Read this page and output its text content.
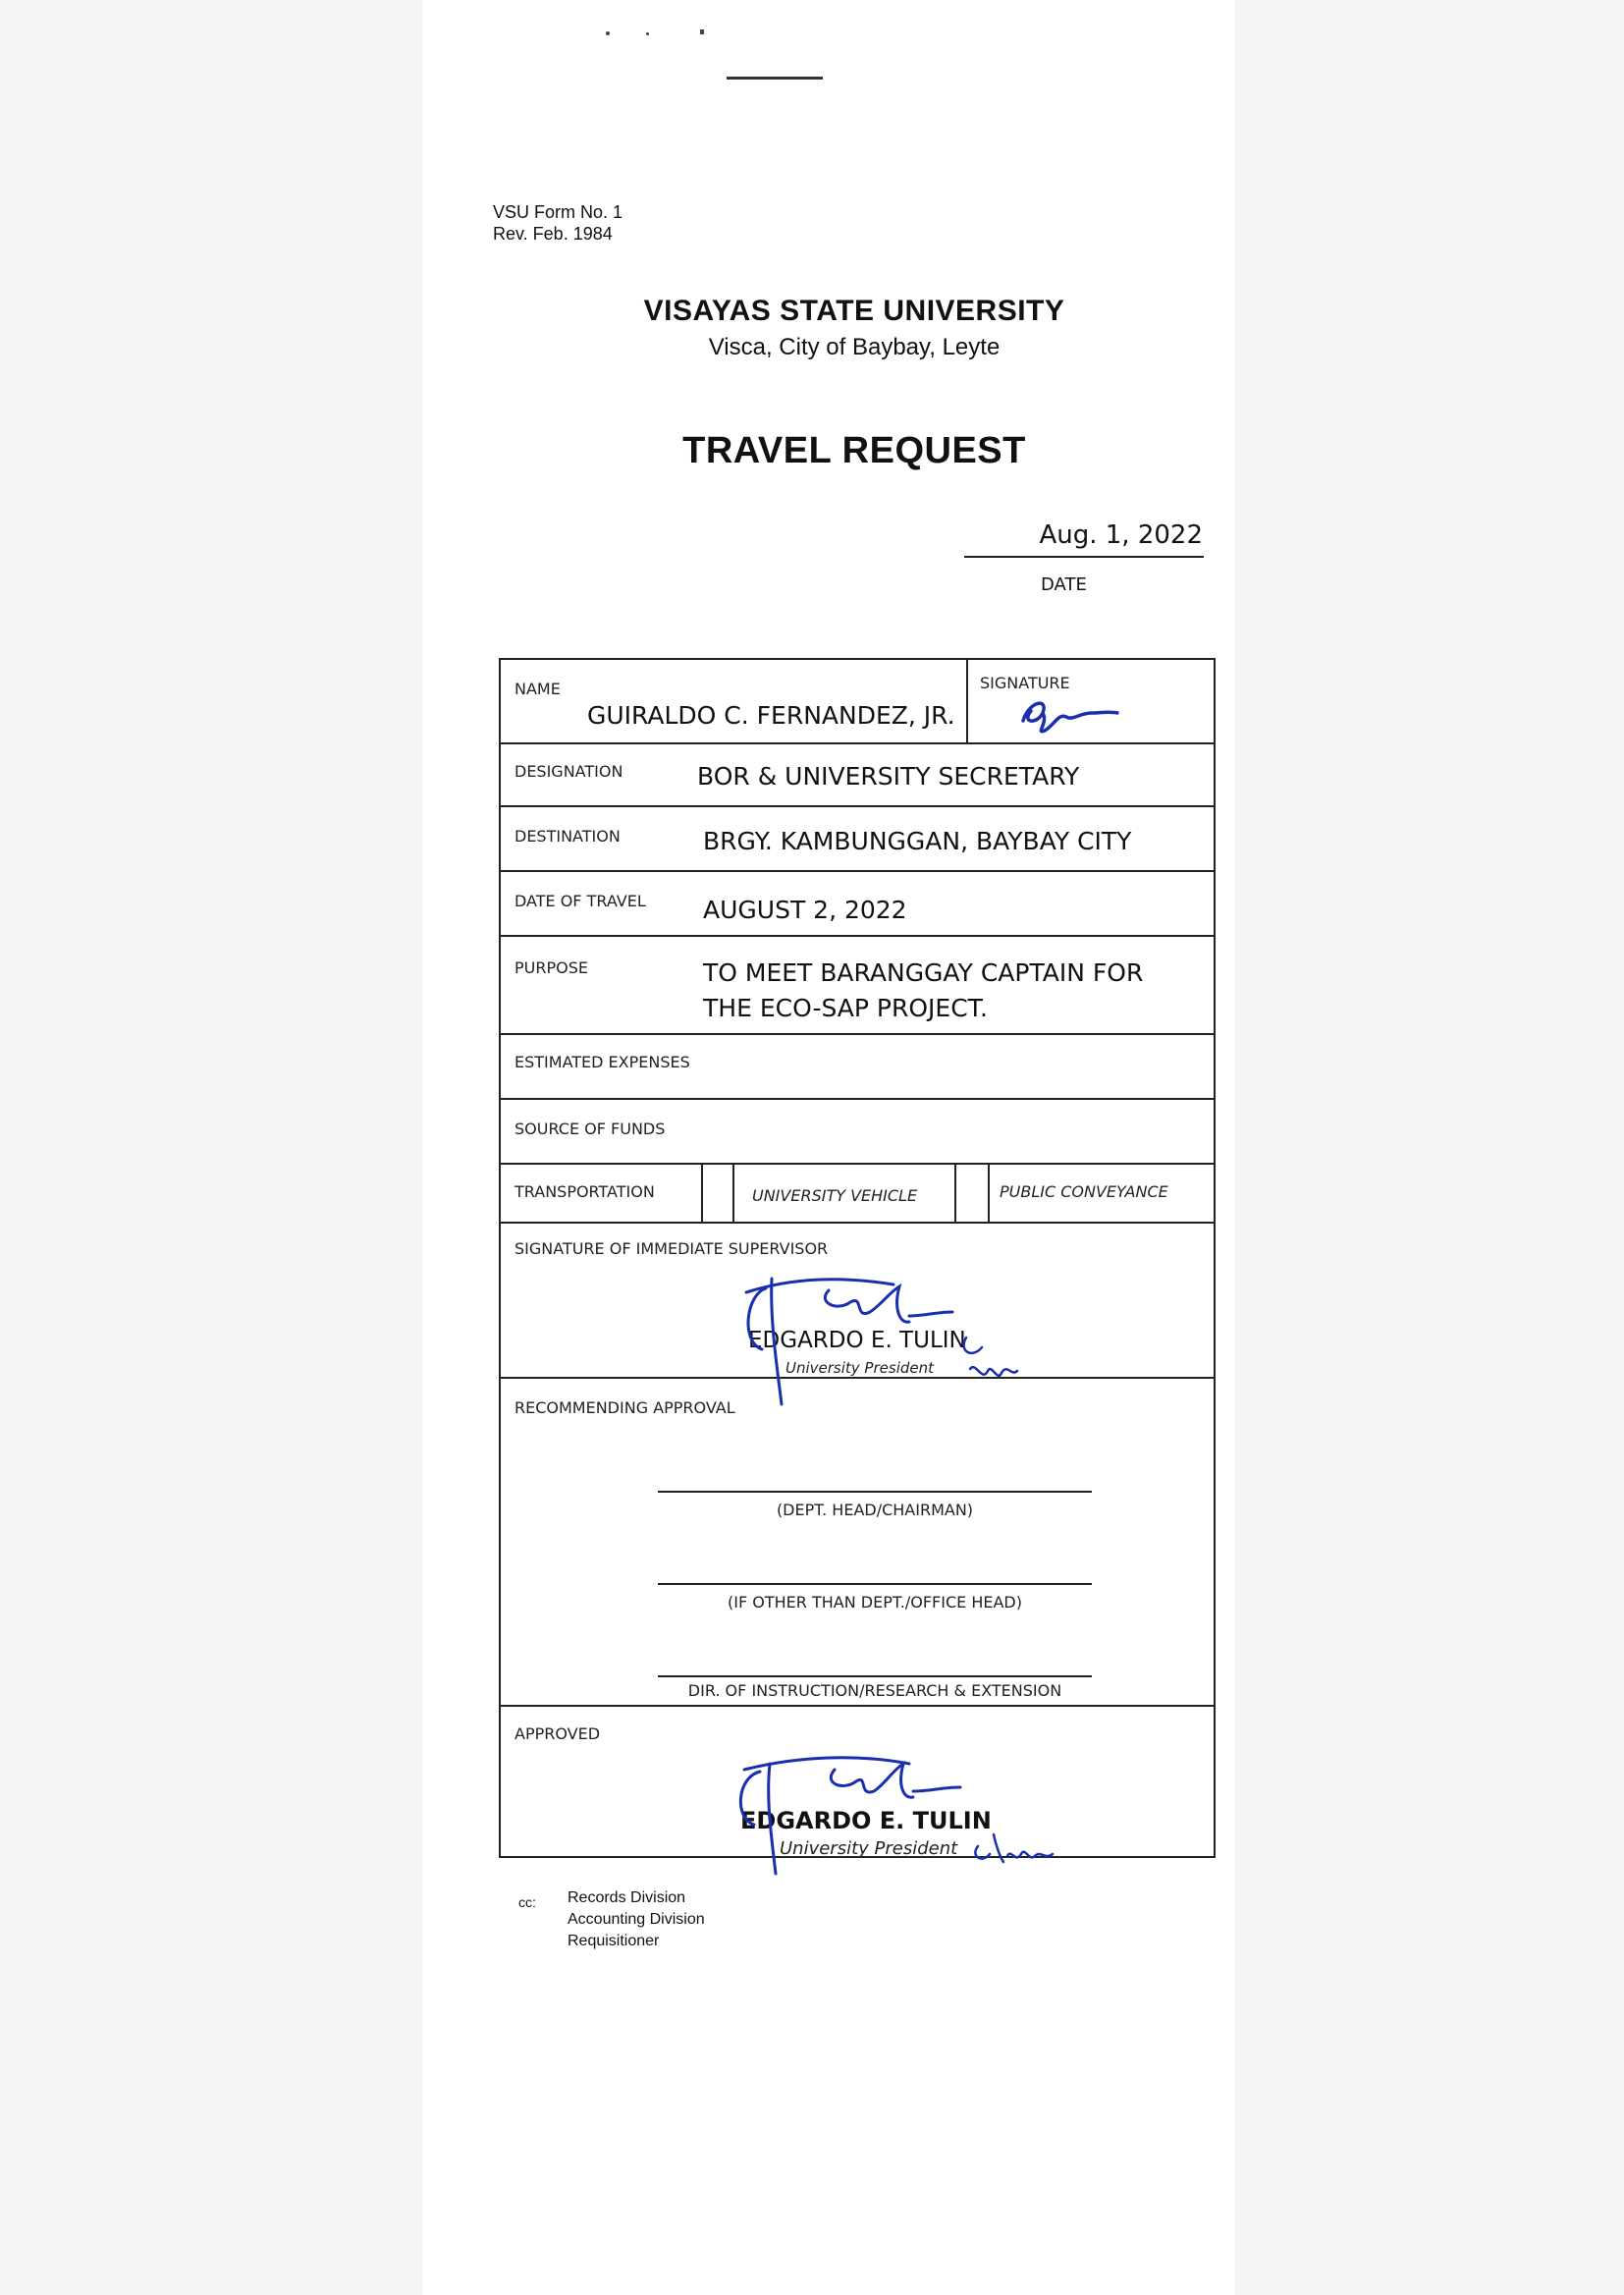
VSU Form No. 1
Rev. Feb. 1984
VISAYAS STATE UNIVERSITY
Visca, City of Baybay, Leyte
TRAVEL REQUEST
Aug. 1, 2022
DATE
NAME
GUIRALDO C. FERNANDEZ, JR.
SIGNATURE
DESIGNATION	BOR & UNIVERSITY SECRETARY
DESTINATION	BRGY. KAMBUNGGAN, BAYBAY CITY
DATE OF TRAVEL AUGUST 2, 2022
PURPOSE	TO MEET BARANGGAY CAPTAIN FOR
THE ECO-SAP PROJECT.
ESTIMATED EXPENSES
SOURCE OF FUNDS
TRANSPORTATION	UNIVERSITY VEHICLE	PUBLIC CONVEYANCE
SIGNATURE OF IMMEDIATE SUPERVISOR
EDGARDO E. TULIN
University President
RECOMMENDING APPROVAL
(DEPT. HEAD/CHAIRMAN)
(IF OTHER THAN DEPT./OFFICE HEAD)
DIR. OF INSTRUCTION/RESEARCH & EXTENSION
APPROVED
EDGARDO E. TULIN
University President
cc: Records Division
Accounting Division
Requisitioner
